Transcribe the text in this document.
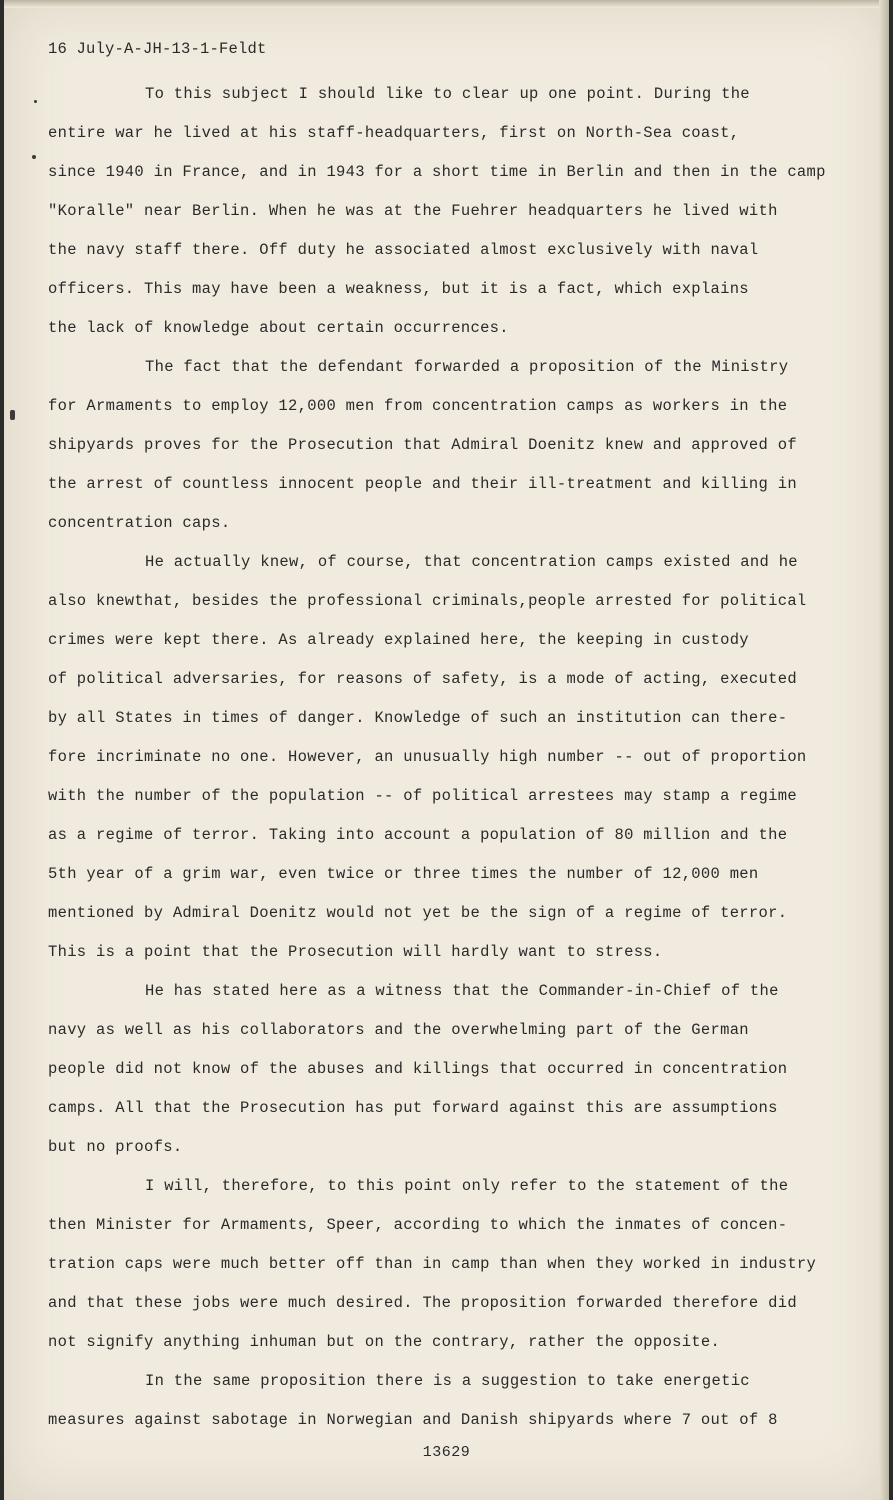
16 July-A-JH-13-1-Feldt
To this subject I should like to clear up one point. During the
entire war he lived at his staff-headquarters, first on North-Sea coast,
since 1940 in France, and in 1943 for a short time in Berlin and then in the camp
"Koralle" near Berlin. When he was at the Fuehrer headquarters he lived with
the navy staff there. Off duty he associated almost exclusively with naval
officers. This may have been a weakness, but it is a fact, which explains
the lack of knowledge about certain occurrences.
The fact that the defendant forwarded a proposition of the Ministry
for Armaments to employ 12,000 men from concentration camps as workers in the
shipyards proves for the Prosecution that Admiral Doenitz knew and approved of
the arrest of countless innocent people and their ill-treatment and killing in
concentration caps.
He actually knew, of course, that concentration camps existed and he
also knewthat, besides the professional criminals,people arrested for political
crimes were kept there. As already explained here, the keeping in custody
of political adversaries, for reasons of safety, is a mode of acting, executed
by all States in times of danger. Knowledge of such an institution can there-
fore incriminate no one. However, an unusually high number -- out of proportion
with the number of the population -- of political arrestees may stamp a regime
as a regime of terror. Taking into account a population of 80 million and the
5th year of a grim war, even twice or three times the number of 12,000 men
mentioned by Admiral Doenitz would not yet be the sign of a regime of terror.
This is a point that the Prosecution will hardly want to stress.
He has stated here as a witness that the Commander-in-Chief of the
navy as well as his collaborators and the overwhelming part of the German
people did not know of the abuses and killings that occurred in concentration
camps. All that the Prosecution has put forward against this are assumptions
but no proofs.
I will, therefore, to this point only refer to the statement of the
then Minister for Armaments, Speer, according to which the inmates of concen-
tration caps were much better off than in camp than when they worked in industry
and that these jobs were much desired. The proposition forwarded therefore did
not signify anything inhuman but on the contrary, rather the opposite.
In the same proposition there is a suggestion to take energetic
measures against sabotage in Norwegian and Danish shipyards where 7 out of 8
13629
